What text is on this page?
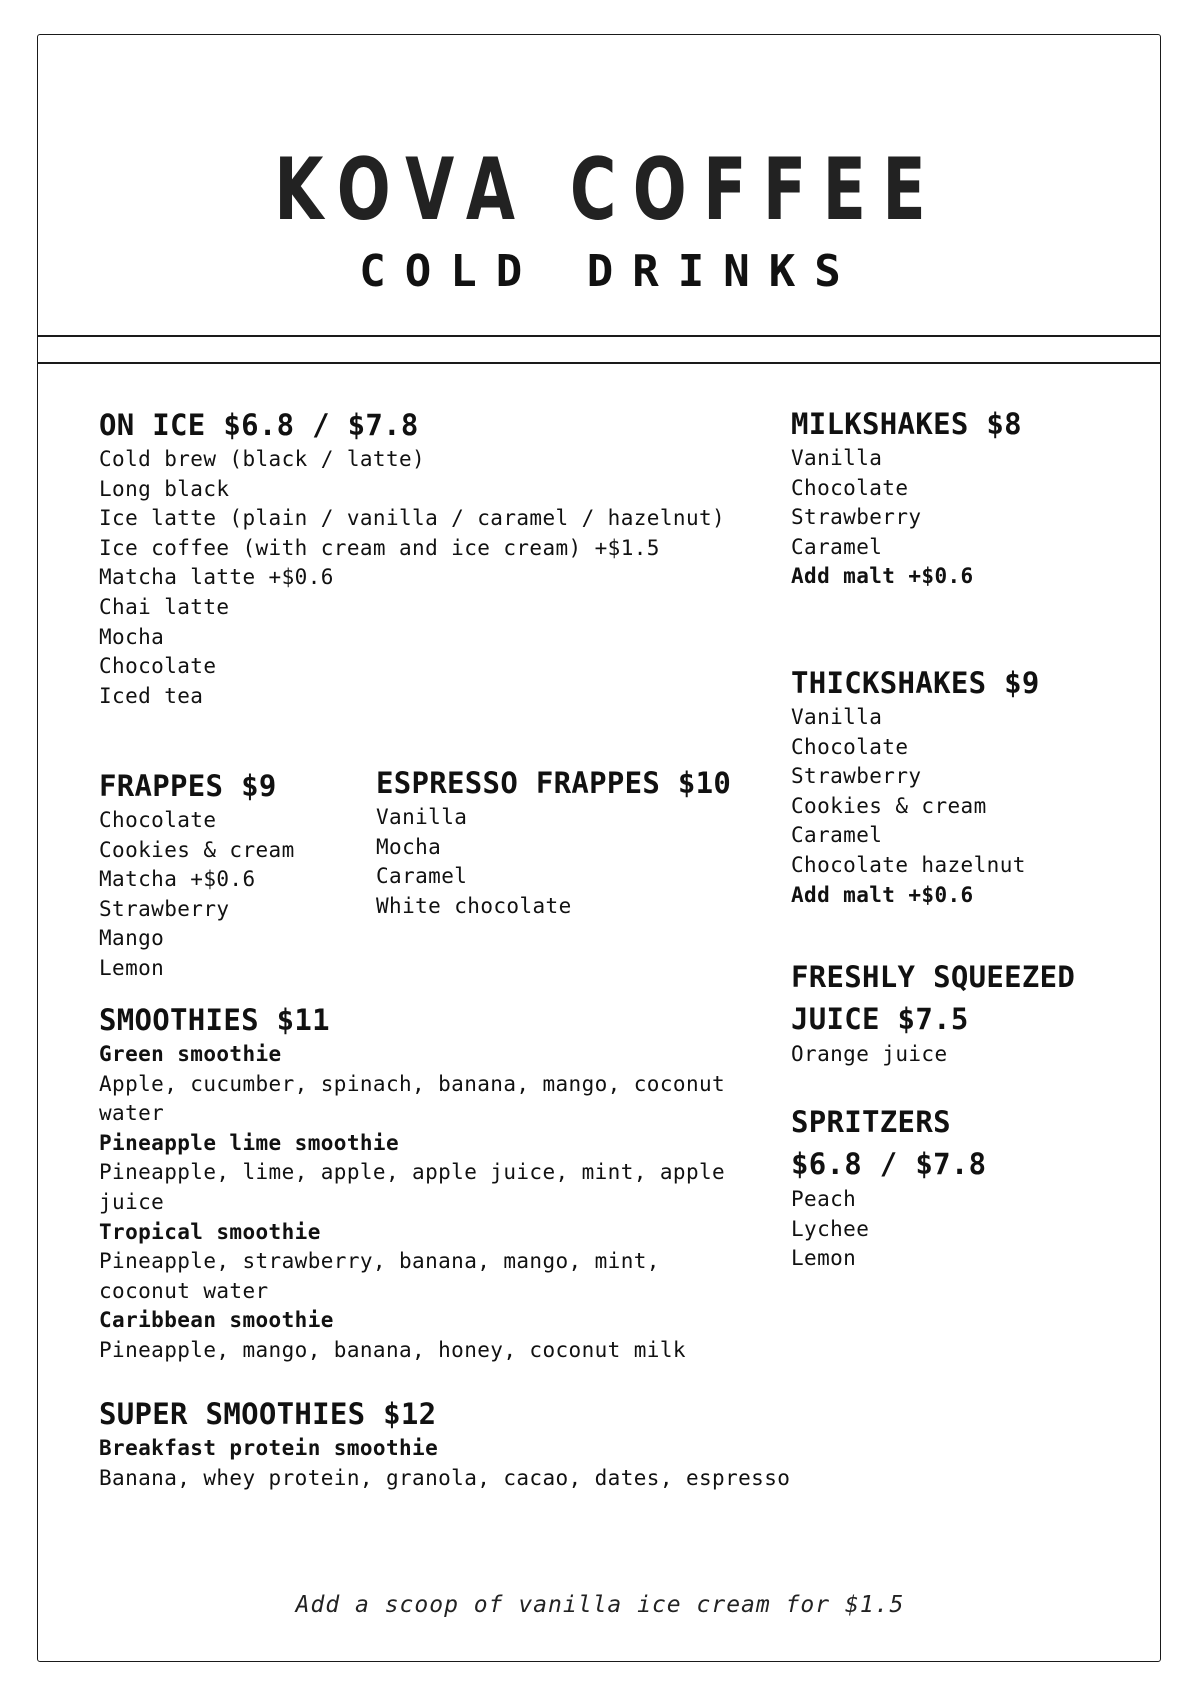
KOVA COFFEE
COLD DRINKS
ON ICE $6.8 / $7.8
Cold brew (black / latte)
Long black
Ice latte (plain / vanilla / caramel / hazelnut)
Ice coffee (with cream and ice cream) +$1.5
Matcha latte +$0.6
Chai latte
Mocha
Chocolate
Iced tea
FRAPPES $9
Chocolate
Cookies & cream
Matcha +$0.6
Strawberry
Mango
Lemon
ESPRESSO FRAPPES $10
Vanilla
Mocha
Caramel
White chocolate
SMOOTHIES $11
Green smoothie
Apple, cucumber, spinach, banana, mango, coconut
water
Pineapple lime smoothie
Pineapple, lime, apple, apple juice, mint, apple
juice
Tropical smoothie
Pineapple, strawberry, banana, mango, mint,
coconut water
Caribbean smoothie
Pineapple, mango, banana, honey, coconut milk
SUPER SMOOTHIES $12
Breakfast protein smoothie
Banana, whey protein, granola, cacao, dates, espresso
MILKSHAKES $8
Vanilla
Chocolate
Strawberry
Caramel
Add malt +$0.6
THICKSHAKES $9
Vanilla
Chocolate
Strawberry
Cookies & cream
Caramel
Chocolate hazelnut
Add malt +$0.6
FRESHLY SQUEEZED
JUICE $7.5
Orange juice
SPRITZERS
$6.8 / $7.8
Peach
Lychee
Lemon
Add a scoop of vanilla ice cream for $1.5
